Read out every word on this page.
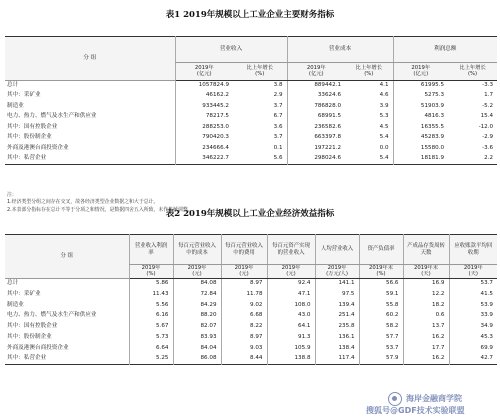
表1 2019年规模以上工业企业主要财务指标
分 组	营业收入		营业成本		利润总额	
	2019年
(亿元)	比上年增长
(%)	2019年
(亿元)	比上年增长
(%)	2019年
(亿元)	比上年增长
(%)
总计	1057824.9	3.8	889442.1	4.1	61995.5	-3.3
其中：采矿业	46162.2	2.9	33624.6	4.6	5275.3	1.7
制造业	933445.2	3.7	786828.0	3.9	51903.9	-5.2
电力、热力、燃气及水生产和供应业	78217.5	6.7	68991.5	5.3	4816.3	15.4
其中：国有控股企业	288253.0	3.6	236582.6	4.5	16355.5	-12.0
其中：股份制企业	790420.3	3.7	663397.8	5.4	45283.9	-2.9
外商及港澳台商投资企业	234666.4	0.1	197221.2	0.0	15580.0	-3.6
其中：私营企业	346222.7	5.6	298024.6	5.4	18181.9	2.2
注：
1.经济类型分组之间存在交叉，故各经济类型企业数据之和大于总计。
2.本表部分指标存在总计不等于分项之和情况，是数据四舍五入所致，未作机械调整。
表2 2019年规模以上工业企业经济效益指标
分 组	营业收入利润率	每百元营业收入中的成本	每百元营业收入中的费用	每百元资产实现的营业收入	人均营业收入	资产负债率	产成品存货周转天数	应收账款平均回收期
	2019年
(%)	2019年
(元)	2019年
(元)	2019年
(元)	2019年
(万元/人)	2019年末
(%)	2019年末
(天)	2019年
(天)
总计	5.86	84.08	8.97	92.4	141.1	56.6	16.9	53.7
其中：采矿业	11.43	72.84	11.78	47.1	97.5	59.1	12.2	41.5
制造业	5.56	84.29	9.02	108.0	139.4	55.8	18.2	53.9
电力、热力、燃气及水生产和供应业	6.16	88.20	6.68	43.0	251.4	60.2	0.6	33.9
其中：国有控股企业	5.67	82.07	8.22	64.1	235.8	58.2	13.7	34.9
其中：股份制企业	5.73	83.93	8.97	91.3	136.1	57.7	16.2	45.3
外商及港澳台商投资企业	6.64	84.04	9.03	105.9	138.4	53.7	17.7	69.9
其中：私营企业	5.25	86.08	8.44	138.8	117.4	57.9	16.2	42.7
海岸金融商学院
搜狐号@GDF技术实验联盟
